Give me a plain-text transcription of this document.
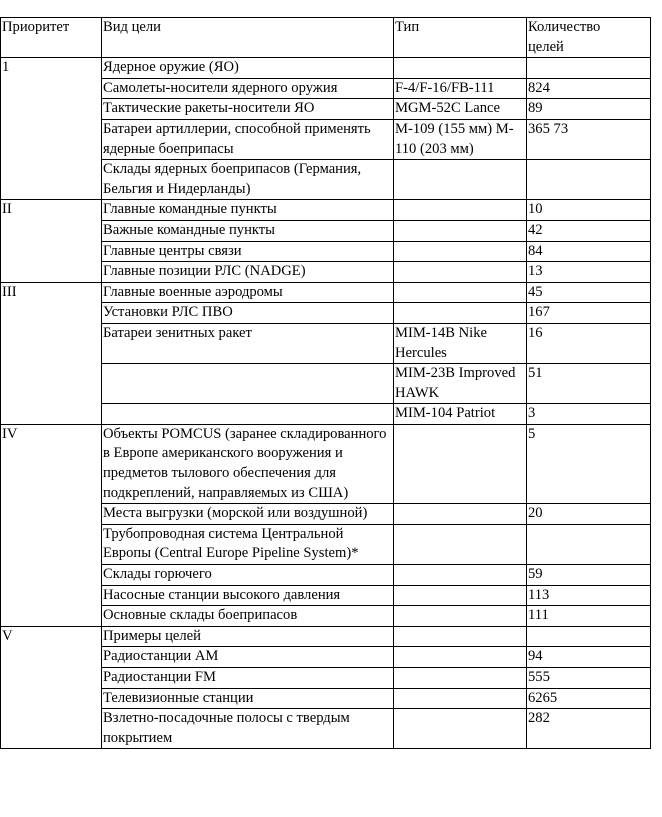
Приоритет	Вид цели	Тип	Количество целей
1	Ядерное оружие (ЯО)		
	Самолеты-носители ядерного оружия	F-4/F-16/FB-111	824
	Тактические ракеты-носители ЯО	MGM-52C Lance	89
	Батареи артиллерии, способной применять ядерные боеприпасы	M-109 (155 мм) M-110 (203 мм)	365 73
	Склады ядерных боеприпасов (Германия, Бельгия и Нидерланды)		
II	Главные командные пункты		10
	Важные командные пункты		42
	Главные центры связи		84
	Главные позиции РЛС (NADGE)		13
III	Главные военные аэродромы		45
	Установки РЛС ПВО		167
	Батареи зенитных ракет	MIM-14B Nike Hercules	16
		MIM-23B Improved HAWK	51
		MIM-104 Patriot	3
IV	Объекты POMCUS (заранее складированного в Европе американского вооружения и предметов тылового обеспечения для подкреплений, направляемых из США)		5
	Места выгрузки (морской или воздушной)		20
	Трубопроводная система Центральной Европы (Central Europe Pipeline System)*		
	Склады горючего		59
	Насосные станции высокого давления		113
	Основные склады боеприпасов		111
V	Примеры целей		
	Радиостанции АМ		94
	Радиостанции FM		555
	Телевизионные станции		6265
	Взлетно-посадочные полосы с твердым покрытием		282
